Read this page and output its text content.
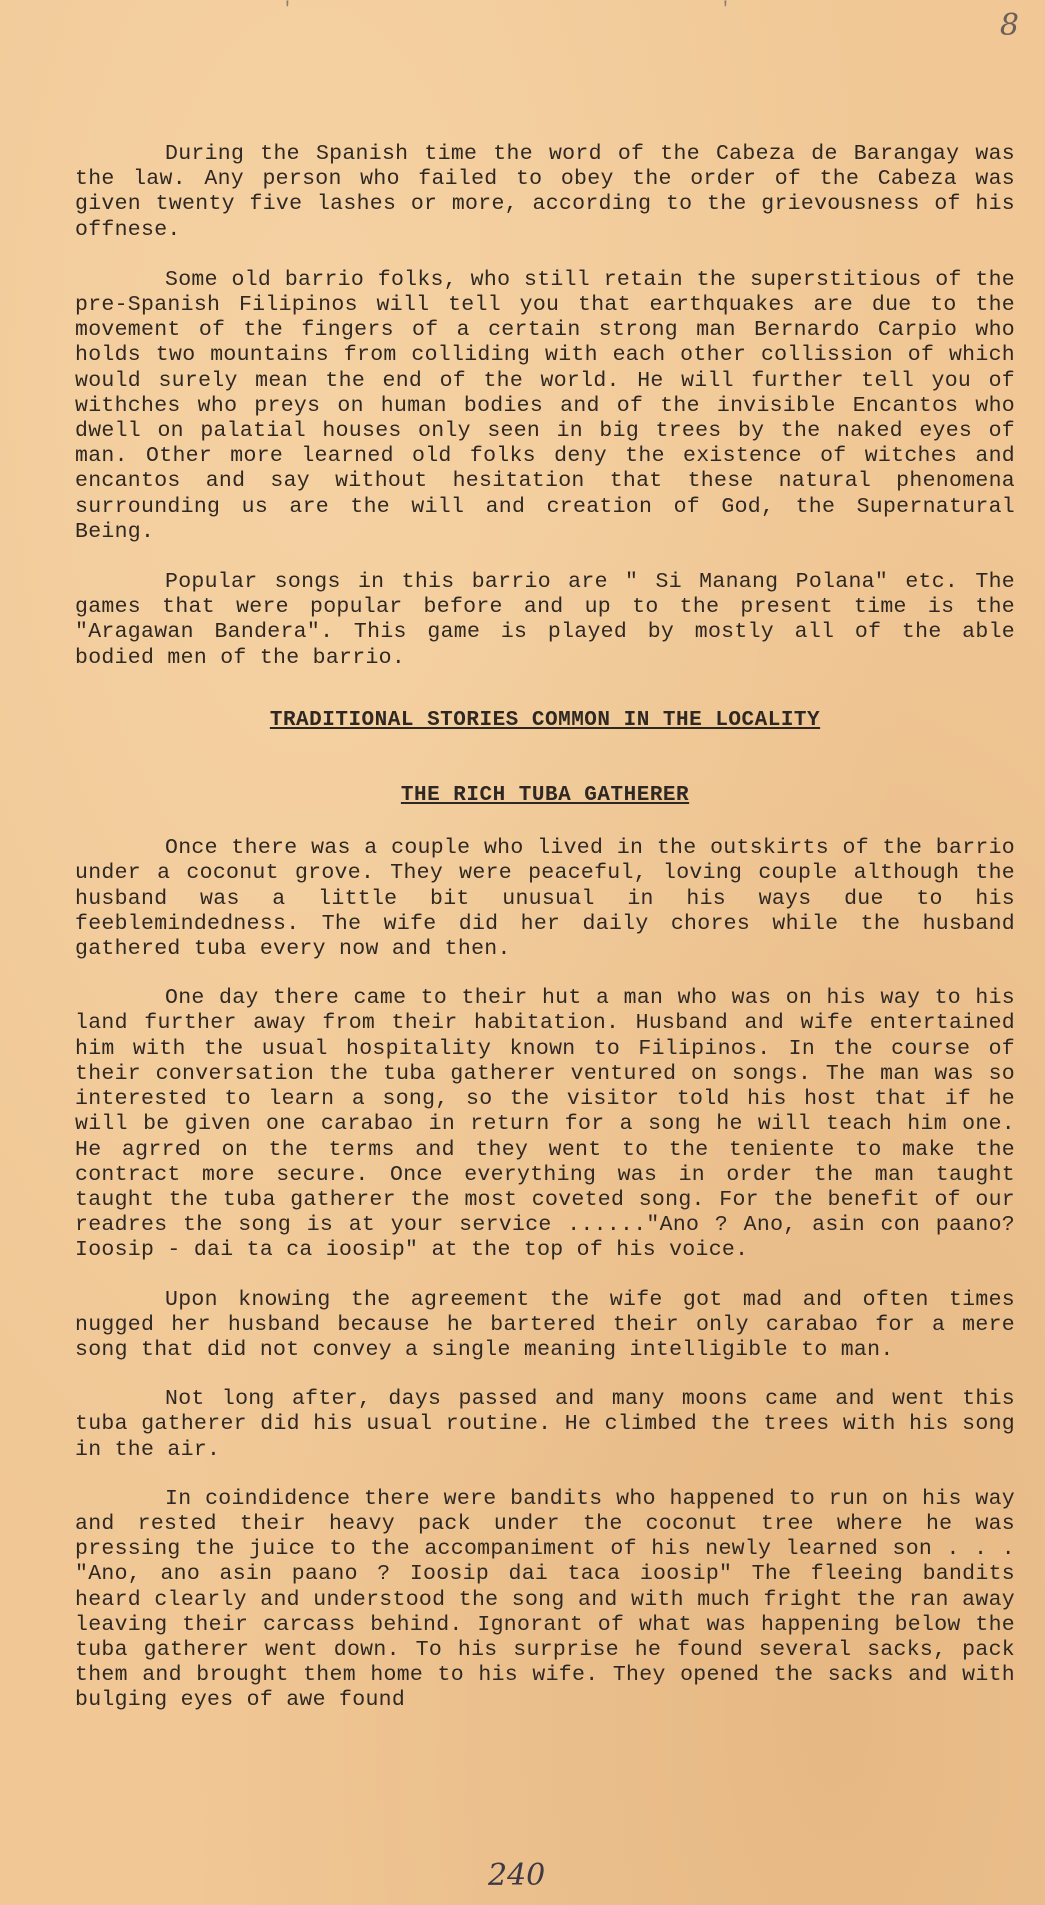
'	'	8

During the Spanish time the word of the Cabeza de Barangay was the law. Any person who failed to obey the order of the Cabeza was given twenty five lashes or more, according to the grievousness of his offnese.

Some old barrio folks, who still retain the superstitious of the pre-Spanish Filipinos will tell you that earthquakes are due to the movement of the fingers of a certain strong man Bernardo Carpio who holds two mountains from colliding with each other collission of which would surely mean the end of the world. He will further tell you of withches who preys on human bodies and of the invisible Encantos who dwell on palatial houses only seen in big trees by the naked eyes of man. Other more learned old folks deny the existence of witches and encantos and say without hesitation that these natural phenomena surrounding us are the will and creation of God, the Supernatural Being.

Popular songs in this barrio are " Si Manang Polana" etc. The games that were popular before and up to the present time is the "Aragawan Bandera". This game is played by mostly all of the able bodied men of the barrio.

TRADITIONAL STORIES COMMON IN THE LOCALITY
THE RICH TUBA GATHERER

Once there was a couple who lived in the outskirts of the barrio under a coconut grove. They were peaceful, loving couple although the husband was a little bit unusual in his ways due to his feeblemindedness. The wife did her daily chores while the husband gathered tuba every now and then.

One day there came to their hut a man who was on his way to his land further away from their habitation. Husband and wife entertained him with the usual hospitality known to Filipinos. In the course of their conversation the tuba gatherer ventured on songs. The man was so interested to learn a song, so the visitor told his host that if he will be given one carabao in return for a song he will teach him one. He agrred on the terms and they went to the teniente to make the contract more secure. Once everything was in order the man taught taught the tuba gatherer the most coveted song. For the benefit of our readres the song is at your service ......"Ano ? Ano, asin con paano? Ioosip - dai ta ca ioosip" at the top of his voice.

Upon knowing the agreement the wife got mad and often times nugged her husband because he bartered their only carabao for a mere song that did not convey a single meaning intelligible to man.

Not long after, days passed and many moons came and went this tuba gatherer did his usual routine. He climbed the trees with his song in the air.

In coindidence there were bandits who happened to run on his way and rested their heavy pack under the coconut tree where he was pressing the juice to the accompaniment of his newly learned son . . . "Ano, ano asin paano ? Ioosip dai taca ioosip" The fleeing bandits heard clearly and understood the song and with much fright the ran away leaving their carcass behind. Ignorant of what was happening below the tuba gatherer went down. To his surprise he found several sacks, pack them and brought them home to his wife. They opened the sacks and with bulging eyes of awe found

240
